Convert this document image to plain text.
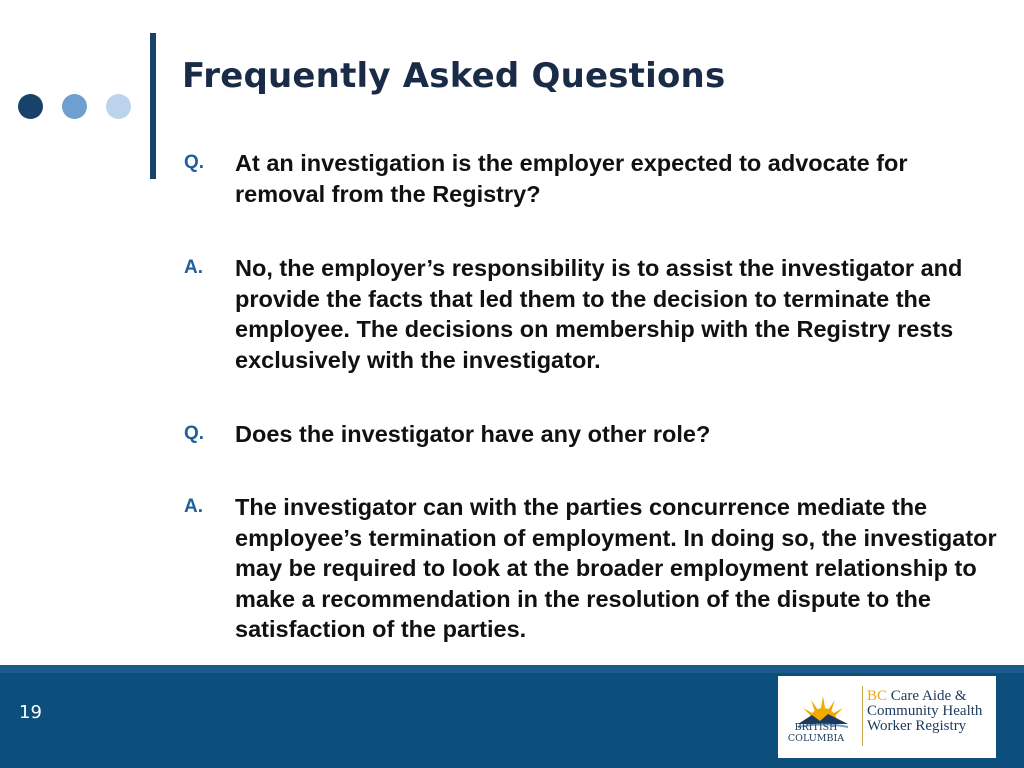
Frequently Asked Questions
Q. At an investigation is the employer expected to advocate for removal from the Registry?
A. No, the employer’s responsibility is to assist the investigator and provide the facts that led them to the decision to terminate the employee. The decisions on membership with the Registry rests exclusively with the investigator.
Q. Does the investigator have any other role?
A. The investigator can with the parties concurrence mediate the employee’s termination of employment. In doing so, the investigator may be required to look at the broader employment relationship to make a recommendation in the resolution of the dispute to the satisfaction of the parties.
19
BRITISH
COLUMBIA
BC Care Aide &
Community Health
Worker Registry
